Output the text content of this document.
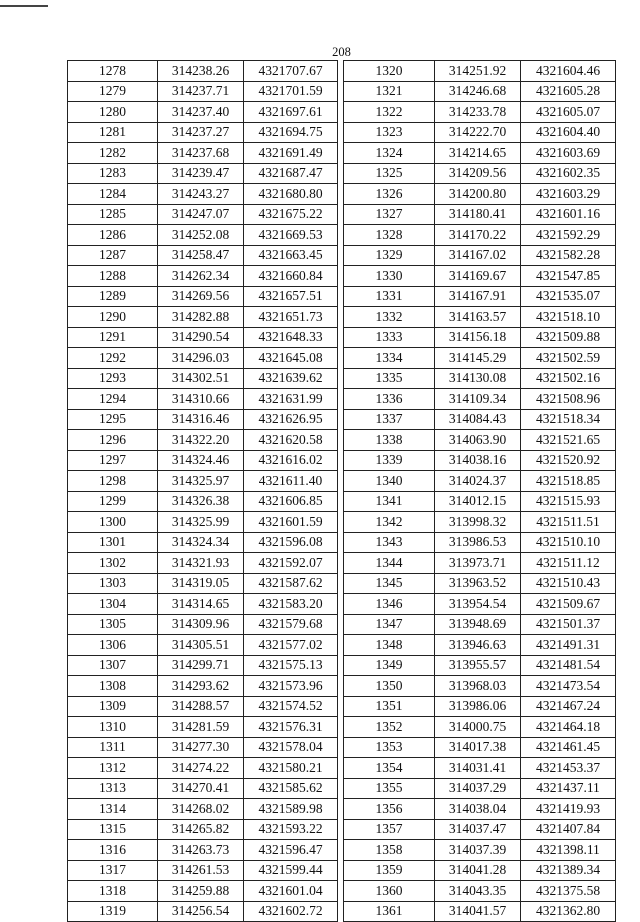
208
1278	314238.26	4321707.67
1279	314237.71	4321701.59
1280	314237.40	4321697.61
1281	314237.27	4321694.75
1282	314237.68	4321691.49
1283	314239.47	4321687.47
1284	314243.27	4321680.80
1285	314247.07	4321675.22
1286	314252.08	4321669.53
1287	314258.47	4321663.45
1288	314262.34	4321660.84
1289	314269.56	4321657.51
1290	314282.88	4321651.73
1291	314290.54	4321648.33
1292	314296.03	4321645.08
1293	314302.51	4321639.62
1294	314310.66	4321631.99
1295	314316.46	4321626.95
1296	314322.20	4321620.58
1297	314324.46	4321616.02
1298	314325.97	4321611.40
1299	314326.38	4321606.85
1300	314325.99	4321601.59
1301	314324.34	4321596.08
1302	314321.93	4321592.07
1303	314319.05	4321587.62
1304	314314.65	4321583.20
1305	314309.96	4321579.68
1306	314305.51	4321577.02
1307	314299.71	4321575.13
1308	314293.62	4321573.96
1309	314288.57	4321574.52
1310	314281.59	4321576.31
1311	314277.30	4321578.04
1312	314274.22	4321580.21
1313	314270.41	4321585.62
1314	314268.02	4321589.98
1315	314265.82	4321593.22
1316	314263.73	4321596.47
1317	314261.53	4321599.44
1318	314259.88	4321601.04
1319	314256.54	4321602.72
1320	314251.92	4321604.46
1321	314246.68	4321605.28
1322	314233.78	4321605.07
1323	314222.70	4321604.40
1324	314214.65	4321603.69
1325	314209.56	4321602.35
1326	314200.80	4321603.29
1327	314180.41	4321601.16
1328	314170.22	4321592.29
1329	314167.02	4321582.28
1330	314169.67	4321547.85
1331	314167.91	4321535.07
1332	314163.57	4321518.10
1333	314156.18	4321509.88
1334	314145.29	4321502.59
1335	314130.08	4321502.16
1336	314109.34	4321508.96
1337	314084.43	4321518.34
1338	314063.90	4321521.65
1339	314038.16	4321520.92
1340	314024.37	4321518.85
1341	314012.15	4321515.93
1342	313998.32	4321511.51
1343	313986.53	4321510.10
1344	313973.71	4321511.12
1345	313963.52	4321510.43
1346	313954.54	4321509.67
1347	313948.69	4321501.37
1348	313946.63	4321491.31
1349	313955.57	4321481.54
1350	313968.03	4321473.54
1351	313986.06	4321467.24
1352	314000.75	4321464.18
1353	314017.38	4321461.45
1354	314031.41	4321453.37
1355	314037.29	4321437.11
1356	314038.04	4321419.93
1357	314037.47	4321407.84
1358	314037.39	4321398.11
1359	314041.28	4321389.34
1360	314043.35	4321375.58
1361	314041.57	4321362.80
